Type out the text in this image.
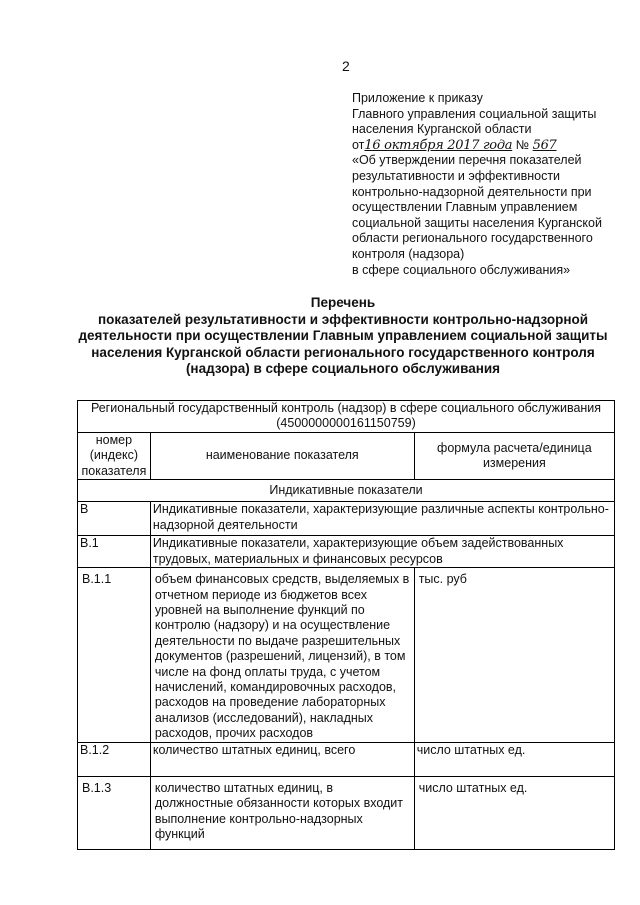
2
Приложение к приказу
Главного управления социальной защиты
населения Курганской области
от16 октября 2017 года № 567
«Об утверждении перечня показателей
результативности и эффективности
контрольно-надзорной деятельности при
осуществлении Главным управлением
социальной защиты населения Курганской
области регионального государственного
контроля (надзора)
в сфере социального обслуживания»
Перечень
показателей результативности и эффективности контрольно-надзорной
деятельности при осуществлении Главным управлением социальной защиты
населения Курганской области регионального государственного контроля
(надзора) в сфере социального обслуживания
Региональный государственный контроль (надзор) в сфере социального обслуживания
(4500000000161150759)		

номер (индекс) показателя	наименование показателя	формула расчета/единица измерения
Индикативные показатели		
В	Индикативные показатели, характеризующие различные аспекты контрольно-надзорной деятельности	
В.1	Индикативные показатели, характеризующие объем задействованных трудовых, материальных и финансовых ресурсов	
В.1.1	объем финансовых средств, выделяемых в отчетном периоде из бюджетов всех уровней на выполнение функций по контролю (надзору) и на осуществление деятельности по выдаче разрешительных документов (разрешений, лицензий), в том числе на фонд оплаты труда, с учетом начислений, командировочных расходов, расходов на проведение лабораторных анализов (исследований), накладных расходов, прочих расходов	тыс. руб
В.1.2	количество штатных единиц, всего	число штатных ед.
В.1.3	количество штатных единиц, в должностные обязанности которых входит выполнение контрольно-надзорных функций	число штатных ед.
